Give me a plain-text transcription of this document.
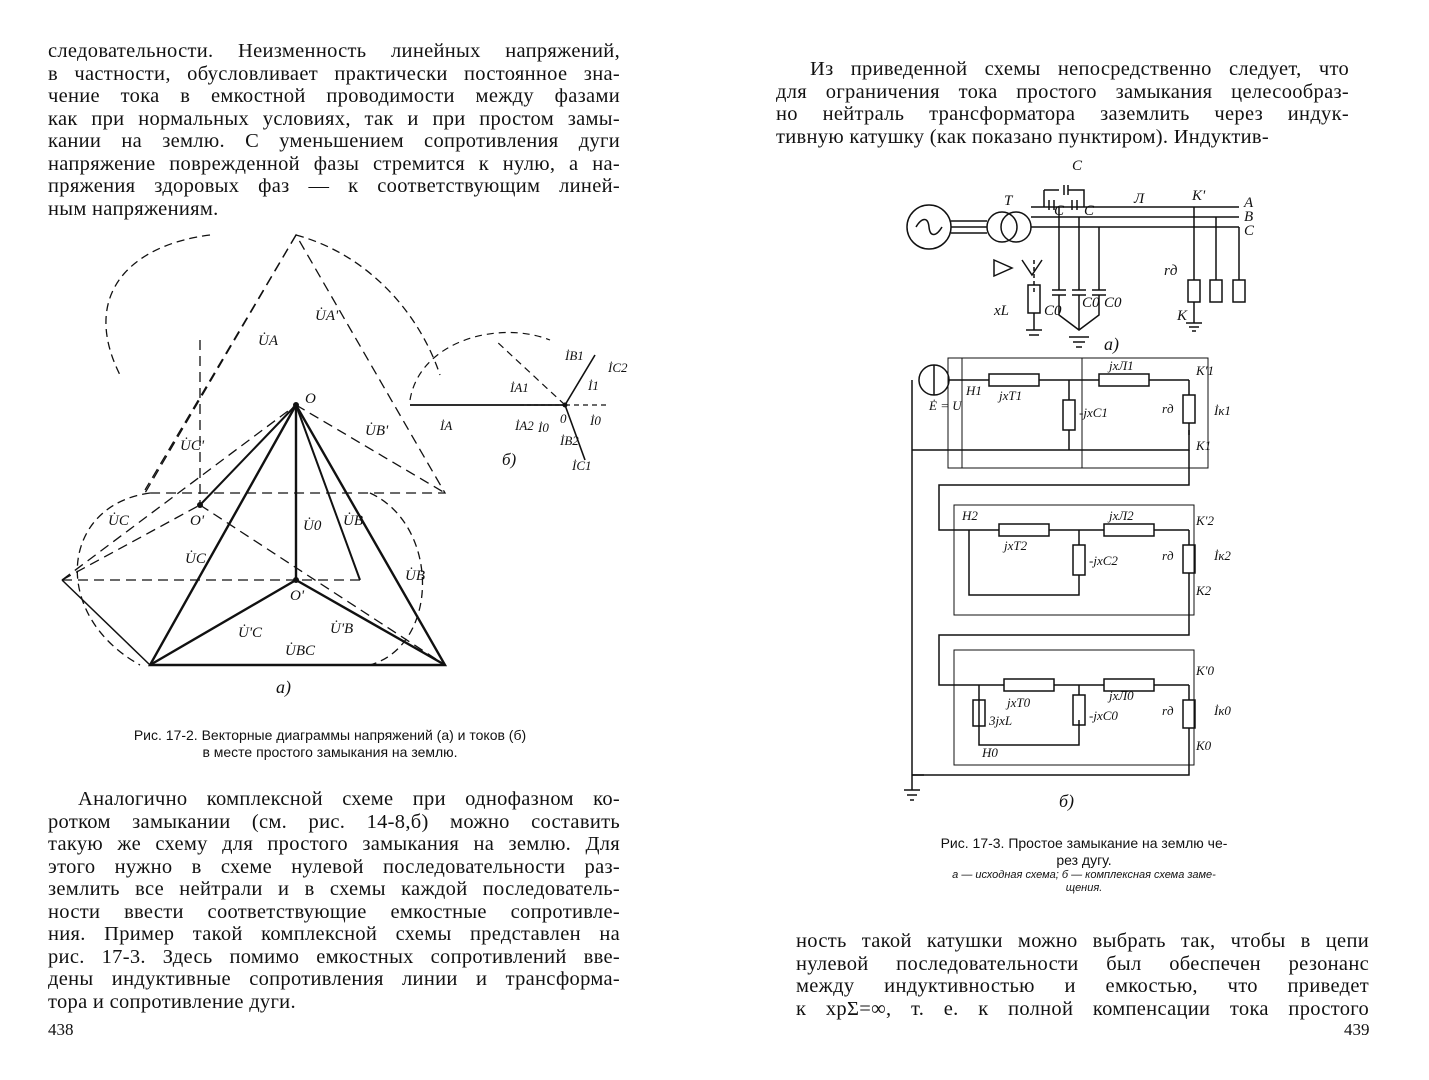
следовательности. Неизменность линейных напряжений,
в частности, обусловливает практически постоянное зна-
чение тока в емкостной проводимости между фазами
как при нормальных условиях, так и при простом замы-
кании на землю. С уменьшением сопротивления дуги
напряжение поврежденной фазы стремится к нулю, а на-
пряжения здоровых фаз — к соответствующим линей-
ным напряжениям.
O
U̇A
U̇A'
U̇B'
U̇C'
U̇C	O'	U̇0 U̇B
U̇C
U̇'C	U̇'B
O'
U̇BC
U̇B
а)
İA
İB1
İC2
İA1	İ1
İA2 İ0
0
İB2
İ0
İC1
б)
Рис. 17-2. Векторные диаграммы напряжений (а) и токов (б)
в месте простого замыкания на землю.
Аналогично комплексной схеме при однофазном ко-
ротком замыкании (см. рис. 14-8,б) можно составить
такую же схему для простого замыкания на землю. Для
этого нужно в схеме нулевой последовательности раз-
землить все нейтрали и в схемы каждой последователь-
ности ввести соответствующие емкостные сопротивле-
ния. Пример такой комплексной схемы представлен на
рис. 17-3. Здесь помимо емкостных сопротивлений вве-
дены индуктивные сопротивления линии и трансформа-
тора и сопротивление дуги.
438
Из приведенной схемы непосредственно следует, что
для ограничения тока простого замыкания целесообраз-
но нейтраль трансформатора заземлить через индук-
тивную катушку (как показано пунктиром). Индуктив-
C
T	Л	K'	A
B
C
C C
rд
K
xL C0 C0 C0
а)
Ė = U
H1 jxT1
jxЛ1
-jxC1
K'1
K1
rд	İк1
H2
jxT2
jxЛ2
-jxC2
K'2
K2
rд	İк2
H0
jxT0	jxЛ0
-jxC0
3jxL
K'0
K0
rд	İк0
б)
Рис. 17-3. Простое замыкание на землю че-
рез дугу.
а — исходная схема; б — комплексная схема заме-
щения.
ность такой катушки можно выбрать так, чтобы в цепи
нулевой последовательности был обеспечен резонанс
между индуктивностью и емкостью, что приведет
к xрΣ=∞, т. е. к полной компенсации тока простого
439
